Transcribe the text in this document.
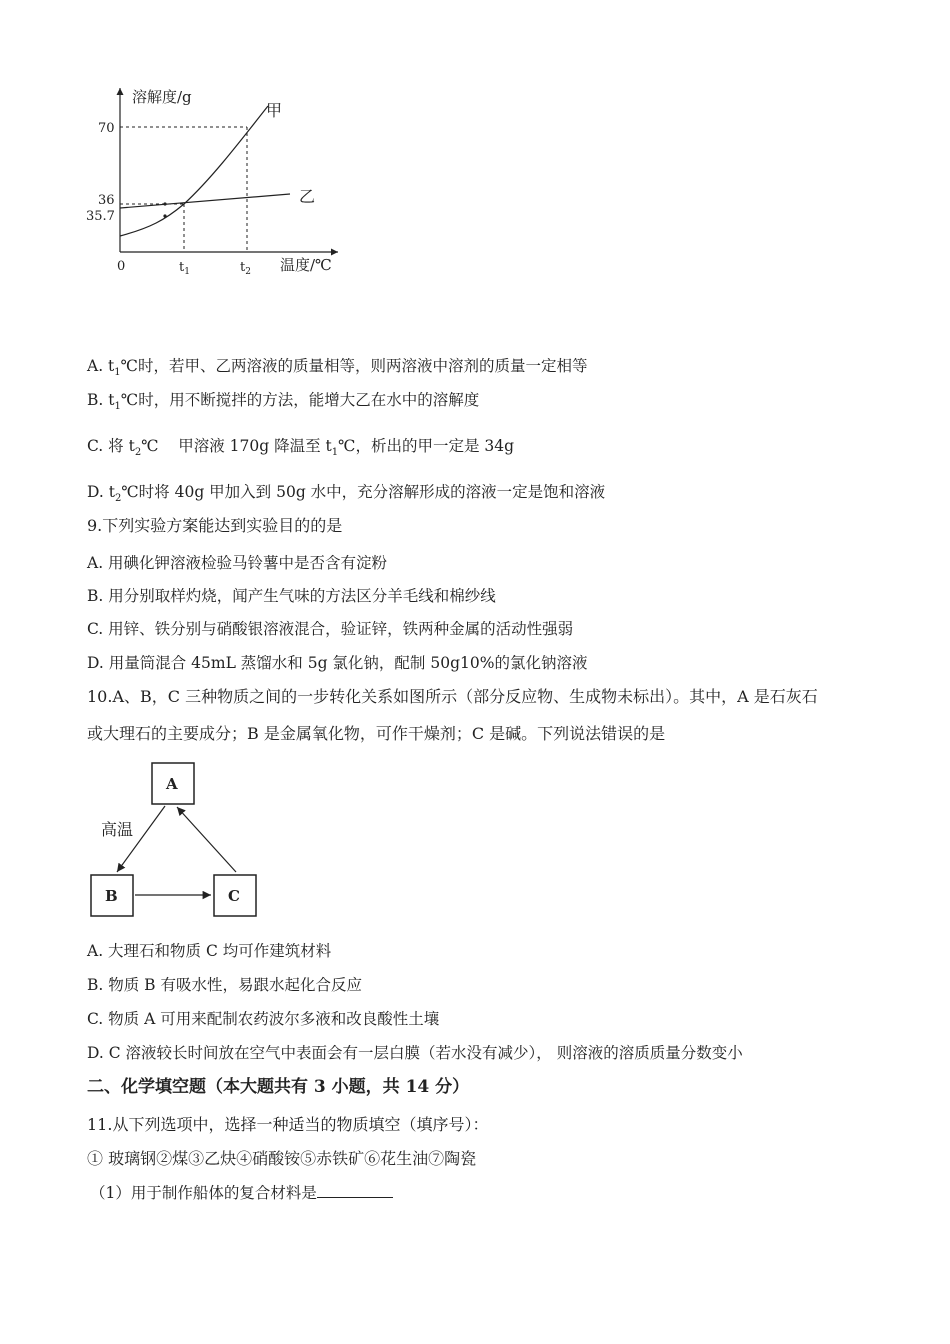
溶解度/g
温度/℃
0
70
36
35.7
$t_1$	$t_2$
甲
乙
A. $t_1℃$时，若甲、乙两溶液的质量相等，则两溶液中溶剂的质量一定相等
B. $t_1℃$时，用不断搅拌的方法，能增大乙在水中的溶解度
C. 将 $t_2℃$    甲溶液 170g 降温至 $t_1℃$，析出的甲一定是 34g
D. $t_2℃$时将 40g 甲加入到 50g 水中，充分溶解形成的溶液一定是饱和溶液
9.下列实验方案能达到实验目的的是
A. 用碘化钾溶液检验马铃薯中是否含有淀粉
B. 用分别取样灼烧，闻产生气味的方法区分羊毛线和棉纱线
C. 用锌、铁分别与硝酸银溶液混合，验证锌，铁两种金属的活动性强弱
D. 用量筒混合 45mL 蒸馏水和 5g 氯化钠，配制 50g10%的氯化钠溶液
10.A、B，C 三种物质之间的一步转化关系如图所示（部分反应物、生成物未标出）。其中，A 是石灰石
或大理石的主要成分；B 是金属氧化物，可作干燥剂；C 是碱。下列说法错误的是
A
B	C
高温
A. 大理石和物质 C 均可作建筑材料
B. 物质 B 有吸水性，易跟水起化合反应
C. 物质 A 可用来配制农药波尔多液和改良酸性土壤
D. C 溶液较长时间放在空气中表面会有一层白膜（若水没有减少）， 则溶液的溶质质量分数变小
二、化学填空题（本大题共有 3 小题，共 14 分）
11.从下列选项中，选择一种适当的物质填空（填序号）：
① 玻璃钢②煤③乙炔④硝酸铵⑤赤铁矿⑥花生油⑦陶瓷
（1）用于制作船体的复合材料是
